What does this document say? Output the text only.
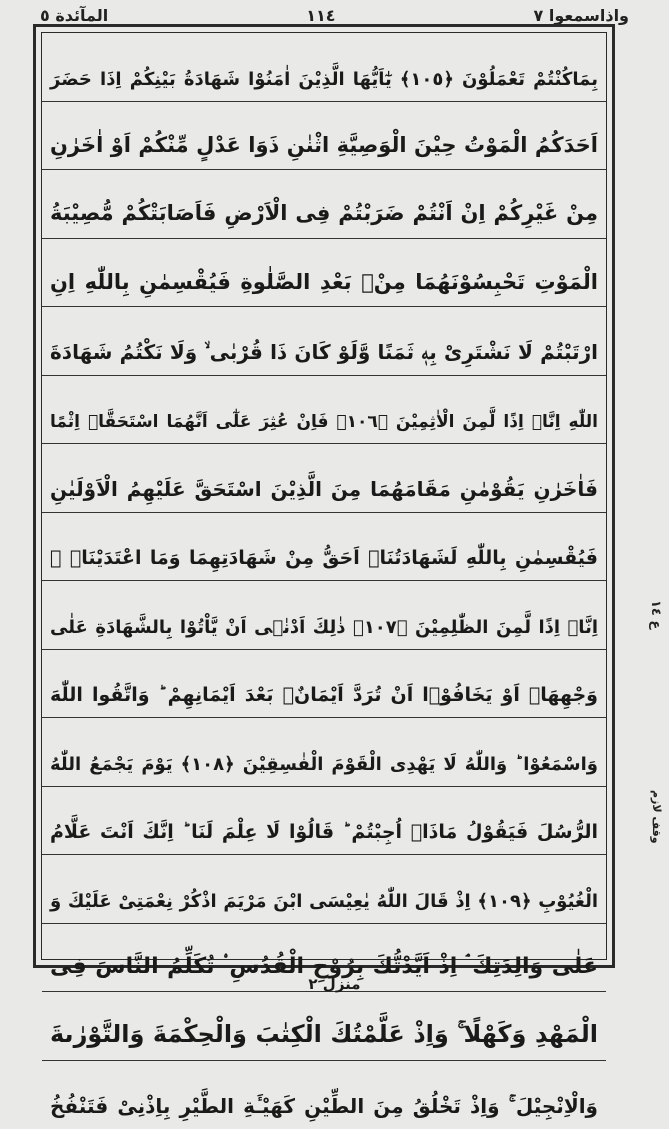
واذاسمعوا ٧
١١٤
المآئدة ٥
بِمَاكُنْتُمْ تَعْمَلُوْنَ ﴿١٠٥﴾ يٰٓاَيُّهَا الَّذِيْنَ اٰمَنُوْا شَهَادَةُ بَيْنِكُمْ اِذَا حَضَرَ
اَحَدَكُمُ الْمَوْتُ حِيْنَ الْوَصِيَّةِ اثْنٰنِ ذَوَا عَدْلٍ مِّنْكُمْ اَوْ اٰخَرٰنِ
مِنْ غَيْرِكُمْ اِنْ اَنْتُمْ ضَرَبْتُمْ فِى الْاَرْضِ فَاَصَابَتْكُمْ مُّصِيْبَةُ
الْمَوْتِ تَحْبِسُوْنَهُمَا مِنْۢ بَعْدِ الصَّلٰوةِ فَيُقْسِمٰنِ بِاللّٰهِ اِنِ
ارْتَبْتُمْ لَا نَشْتَرِىْ بِهٖ ثَمَنًا وَّلَوْ كَانَ ذَا قُرْبٰى ۙ وَلَا نَكْتُمُ شَهَادَةَ
اللّٰهِ اِنَّاۤ اِذًا لَّمِنَ الْاٰثِمِيْنَ ﴿١٠٦﴾ فَاِنْ عُثِرَ عَلٰٓى اَنَّهُمَا اسْتَحَقَّاۤ اِثْمًا
فَاٰخَرٰنِ يَقُوْمٰنِ مَقَامَهُمَا مِنَ الَّذِيْنَ اسْتَحَقَّ عَلَيْهِمُ الْاَوْلَيٰنِ
فَيُقْسِمٰنِ بِاللّٰهِ لَشَهَادَتُنَاۤ اَحَقُّ مِنْ شَهَادَتِهِمَا وَمَا اعْتَدَيْنَاۤ ۖ
اِنَّاۤ اِذًا لَّمِنَ الظّٰلِمِيْنَ ﴿١٠٧﴾ ذٰلِكَ اَدْنٰۤى اَنْ يَّاْتُوْا بِالشَّهَادَةِ عَلٰى
وَجْهِهَاۤ اَوْ يَخَافُوْۤا اَنْ تُرَدَّ اَيْمَانٌۢ بَعْدَ اَيْمَانِهِمْ ؕ وَاتَّقُوا اللّٰهَ
وَاسْمَعُوْا ؕ وَاللّٰهُ لَا يَهْدِى الْقَوْمَ الْفٰسِقِيْنَ ﴿١٠٨﴾ يَوْمَ يَجْمَعُ اللّٰهُ
الرُّسُلَ فَيَقُوْلُ مَاذَاۤ اُجِبْتُمْ ؕ قَالُوْا لَا عِلْمَ لَنَا ؕ اِنَّكَ اَنْتَ عَلَّامُ
الْغُيُوْبِ ﴿١٠٩﴾ اِذْ قَالَ اللّٰهُ يٰعِيْسَى ابْنَ مَرْيَمَ اذْكُرْ نِعْمَتِىْ عَلَيْكَ وَ
عَلٰى وَالِدَتِكَ ۘ اِذْ اَيَّدْتُّكَ بِرُوْحِ الْقُدُسِ ۟ تُكَلِّمُ النَّاسَ فِى
الْمَهْدِ وَكَهْلًا ۚ وَاِذْ عَلَّمْتُكَ الْكِتٰبَ وَالْحِكْمَةَ وَالتَّوْرٰىةَ
وَالْاِنْجِيْلَ ۚ وَاِذْ تَخْلُقُ مِنَ الطِّيْنِ كَهَيْـَٔةِ الطَّيْرِ بِاِذْنِىْ فَتَنْفُخُ
ع ١٤
وقف لازم
منزل ٢
